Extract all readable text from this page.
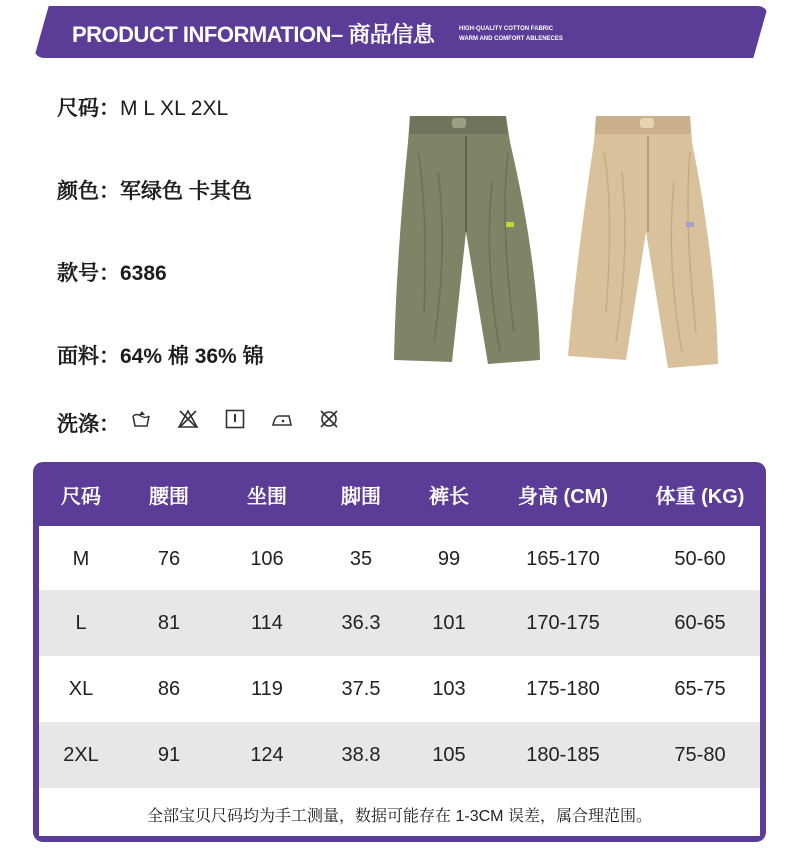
PRODUCT INFORMATION– 商品信息	HIGH-QUALITY COTTON FABRIC
WARM AND COMFORT ABLENECES
尺码：M L XL 2XL
颜色：军绿色 卡其色
款号：6386
面料：64% 棉 36% 锦
洗涤：
尺码	腰围	坐围	脚围	裤长	身高 (CM)	体重 (KG)
M	76	106	35	99	165-170	50-60
L	81	114	36.3	101	170-175	60-65
XL	86	119	37.5	103	175-180	65-75
2XL	91	124	38.8	105	180-185	75-80
全部宝贝尺码均为手工测量，数据可能存在 1-3CM 误差，属合理范围。
